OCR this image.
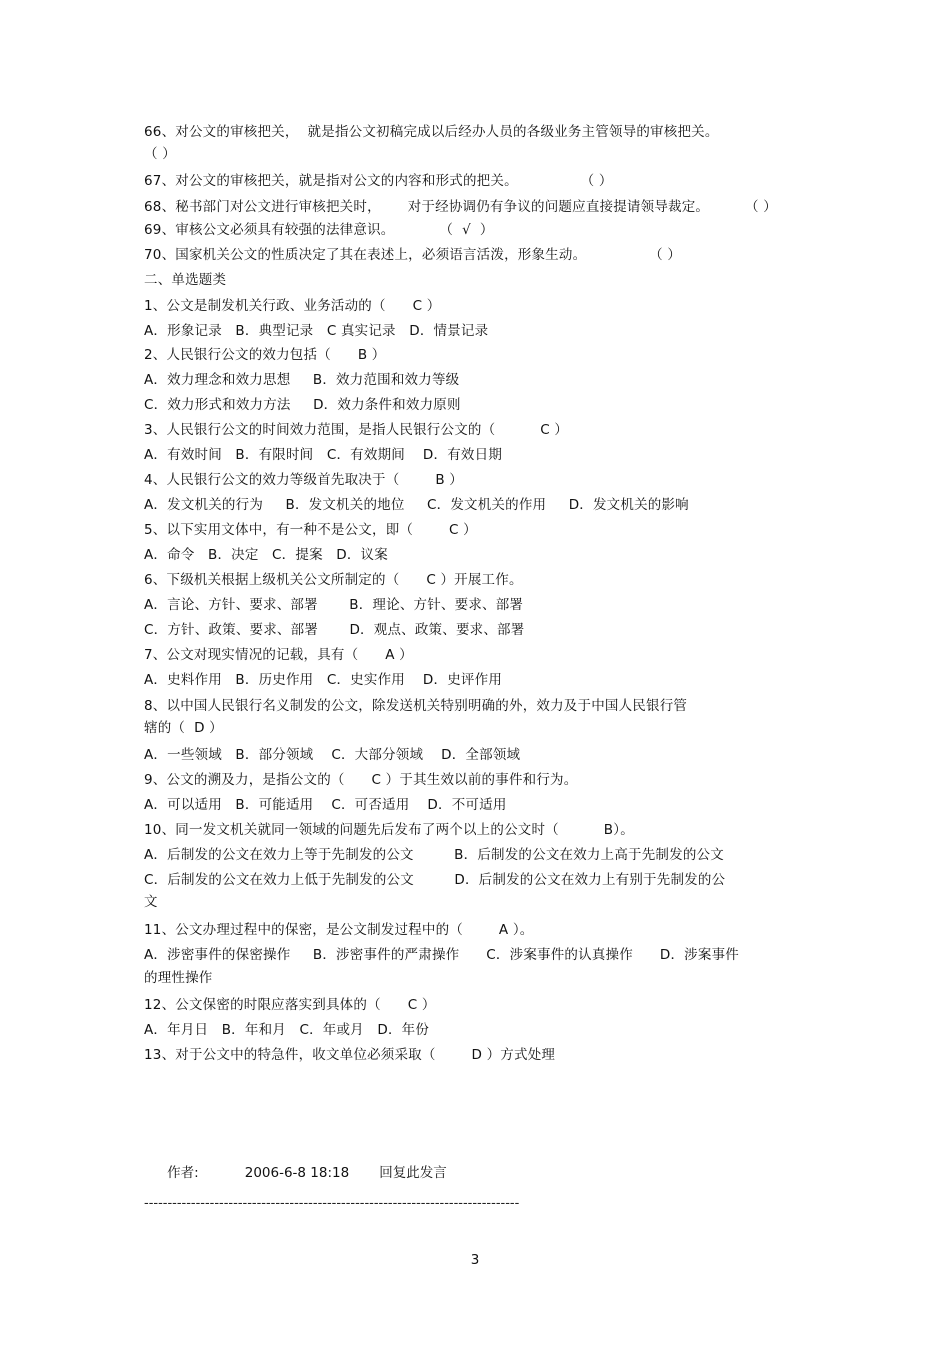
66、对公文的审核把关，  就是指公文初稿完成以后经办人员的各级业务主管领导的审核把关。
（ ）
67、对公文的审核把关，就是指对公文的内容和形式的把关。              （ ）
68、秘书部门对公文进行审核把关时，      对于经协调仍有争议的问题应直接提请领导裁定。        （ ）
69、审核公文必须具有较强的法律意识。          （  √  ）
70、国家机关公文的性质决定了其在表述上，必须语言活泼，形象生动。              （ ）
二、单选题类
1、公文是制发机关行政、业务活动的（      C ）
A．形象记录   B．典型记录   C 真实记录   D．情景记录
2、人民银行公文的效力包括（      B ）
A．效力理念和效力思想     B．效力范围和效力等级
C．效力形式和效力方法     D．效力条件和效力原则
3、人民银行公文的时间效力范围，是指人民银行公文的（          C ）
A．有效时间   B．有限时间   C．有效期间    D．有效日期
4、人民银行公文的效力等级首先取决于（        B ）
A．发文机关的行为     B．发文机关的地位     C．发文机关的作用     D．发文机关的影响
5、以下实用文体中，有一种不是公文，即（        C ）
A．命令   B．决定   C．提案   D．议案
6、下级机关根据上级机关公文所制定的（      C ）开展工作。
A．言论、方针、要求、部署       B．理论、方针、要求、部署
C．方针、政策、要求、部署       D．观点、政策、要求、部署
7、公文对现实情况的记载，具有（      A ）
A．史料作用   B．历史作用   C．史实作用    D．史评作用
8、以中国人民银行名义制发的公文，除发送机关特别明确的外，效力及于中国人民银行管
辖的（  D ）
A．一些领域   B．部分领域    C．大部分领域    D．全部领域
9、公文的溯及力，是指公文的（      C ）于其生效以前的事件和行为。
A．可以适用   B．可能适用    C．可否适用    D．不可适用
10、同一发文机关就同一领域的问题先后发布了两个以上的公文时（          B）。
A．后制发的公文在效力上等于先制发的公文         B．后制发的公文在效力上高于先制发的公文
C．后制发的公文在效力上低于先制发的公文         D．后制发的公文在效力上有别于先制发的公
文
11、公文办理过程中的保密，是公文制发过程中的（        A ）。
A．涉密事件的保密操作     B．涉密事件的严肃操作      C．涉案事件的认真操作      D．涉案事件
的理性操作
12、公文保密的时限应落实到具体的（      C ）
A．年月日   B．年和月   C．年或月   D．年份
13、对于公文中的特急件，收文单位必须采取（        D ）方式处理

作者:	2006-6-8 18:18 回复此发言

--------------------------------------------------------------------------------
3
